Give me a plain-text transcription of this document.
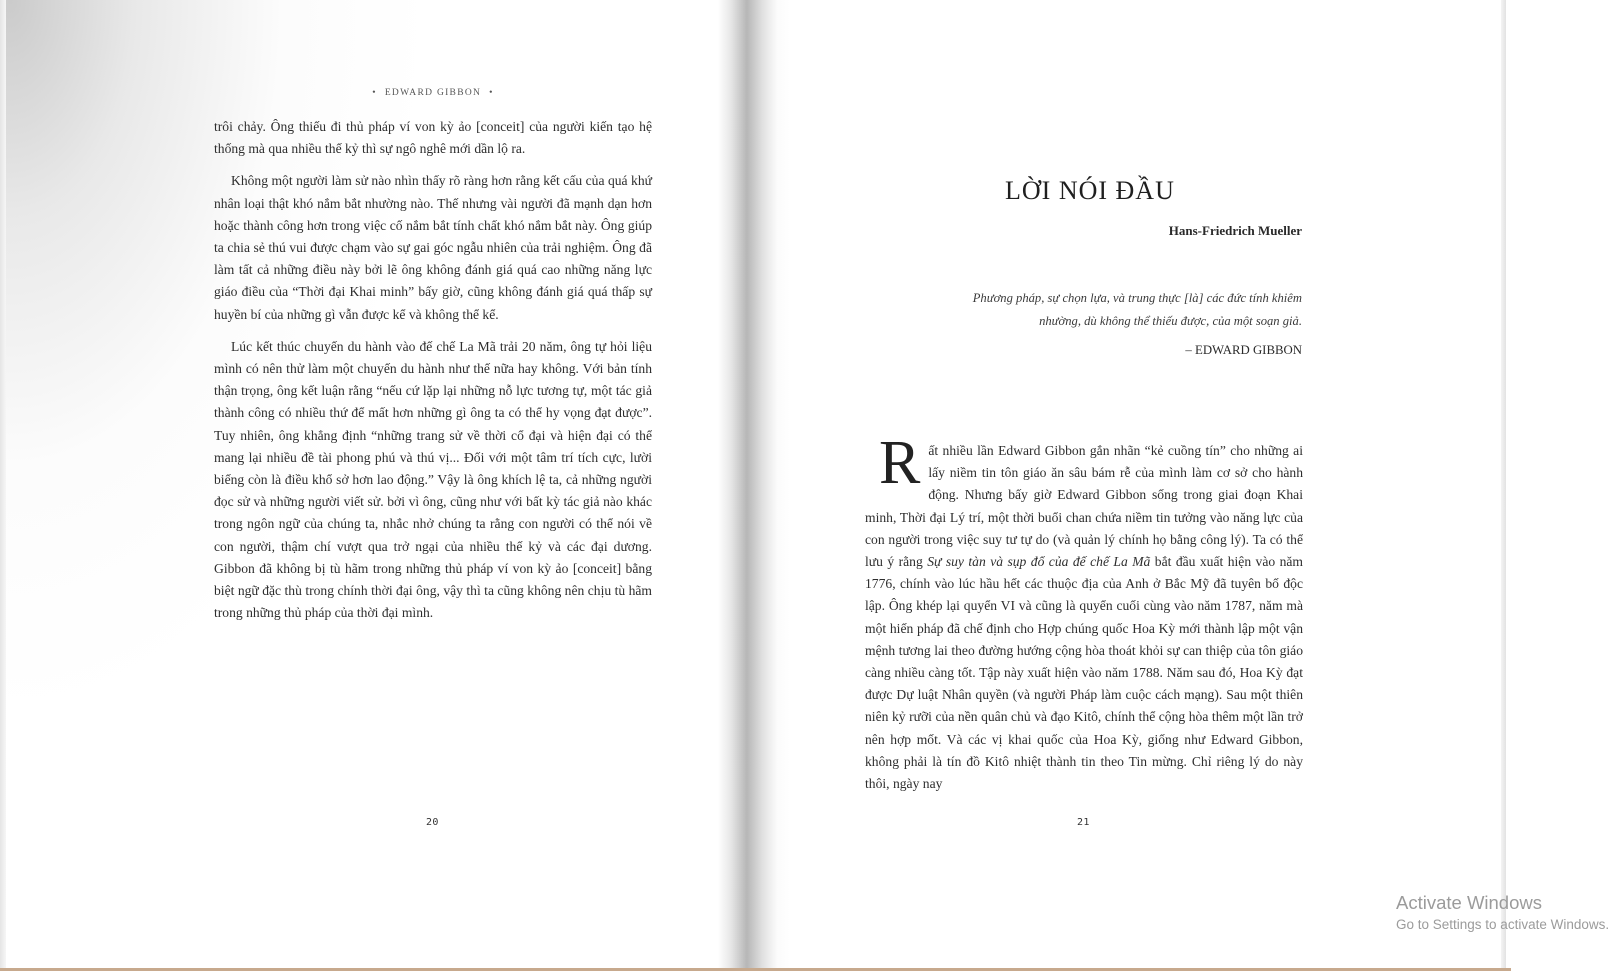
• EDWARD GIBBON •

trôi chảy. Ông thiếu đi thủ pháp ví von kỳ ảo [conceit] của người kiến tạo hệ thống mà qua nhiều thế kỷ thì sự ngô nghê mới dần lộ ra.

Không một người làm sử nào nhìn thấy rõ ràng hơn rằng kết cấu của quá khứ nhân loại thật khó nắm bắt nhường nào. Thế nhưng vài người đã mạnh dạn hơn hoặc thành công hơn trong việc cố nắm bắt tính chất khó nắm bắt này. Ông giúp ta chia sẻ thú vui được chạm vào sự gai góc ngẫu nhiên của trải nghiệm. Ông đã làm tất cả những điều này bởi lẽ ông không đánh giá quá cao những năng lực giáo điều của “Thời đại Khai minh” bấy giờ, cũng không đánh giá quá thấp sự huyền bí của những gì vẫn được kể và không thể kể.

Lúc kết thúc chuyến du hành vào đế chế La Mã trải 20 năm, ông tự hỏi liệu mình có nên thử làm một chuyến du hành như thế nữa hay không. Với bản tính thận trọng, ông kết luận rằng “nếu cứ lặp lại những nỗ lực tương tự, một tác giả thành công có nhiều thứ để mất hơn những gì ông ta có thể hy vọng đạt được”. Tuy nhiên, ông khẳng định “những trang sử về thời cổ đại và hiện đại có thể mang lại nhiều đề tài phong phú và thú vị... Đối với một tâm trí tích cực, lười biếng còn là điều khổ sở hơn lao động.” Vậy là ông khích lệ ta, cả những người đọc sử và những người viết sử. bởi vì ông, cũng như với bất kỳ tác giả nào khác trong ngôn ngữ của chúng ta, nhắc nhở chúng ta rằng con người có thể nói về con người, thậm chí vượt qua trở ngại của nhiều thế kỷ và các đại dương. Gibbon đã không bị tù hãm trong những thủ pháp ví von kỳ ảo [conceit] bằng biệt ngữ đặc thù trong chính thời đại ông, vậy thì ta cũng không nên chịu tù hãm trong những thủ pháp của thời đại mình.

20
LỜI NÓI ĐẦU
Hans-Friedrich Mueller
Phương pháp, sự chọn lựa, và trung thực [là] các đức tính khiêm nhường, dù không thể thiếu được, của một soạn giả.
– EDWARD GIBBON

Rất nhiều lần Edward Gibbon gắn nhãn “kẻ cuồng tín” cho những ai lấy niềm tin tôn giáo ăn sâu bám rễ của mình làm cơ sở cho hành động. Nhưng bấy giờ Edward Gibbon sống trong giai đoạn Khai minh, Thời đại Lý trí, một thời buổi chan chứa niềm tin tưởng vào năng lực của con người trong việc suy tư tự do (và quản lý chính họ bằng công lý). Ta có thể lưu ý rằng Sự suy tàn và sụp đổ của đế chế La Mã bắt đầu xuất hiện vào năm 1776, chính vào lúc hầu hết các thuộc địa của Anh ở Bắc Mỹ đã tuyên bố độc lập. Ông khép lại quyển VI và cũng là quyển cuối cùng vào năm 1787, năm mà một hiến pháp đã chế định cho Hợp chúng quốc Hoa Kỳ mới thành lập một vận mệnh tương lai theo đường hướng cộng hòa thoát khỏi sự can thiệp của tôn giáo càng nhiều càng tốt. Tập này xuất hiện vào năm 1788. Năm sau đó, Hoa Kỳ đạt được Dự luật Nhân quyền (và người Pháp làm cuộc cách mạng). Sau một thiên niên kỷ rưỡi của nền quân chủ và đạo Kitô, chính thể cộng hòa thêm một lần trở nên hợp mốt. Và các vị khai quốc của Hoa Kỳ, giống như Edward Gibbon, không phải là tín đồ Kitô nhiệt thành tin theo Tin mừng. Chỉ riêng lý do này thôi, ngày nay

21
Activate Windows
Go to Settings to activate Windows.
